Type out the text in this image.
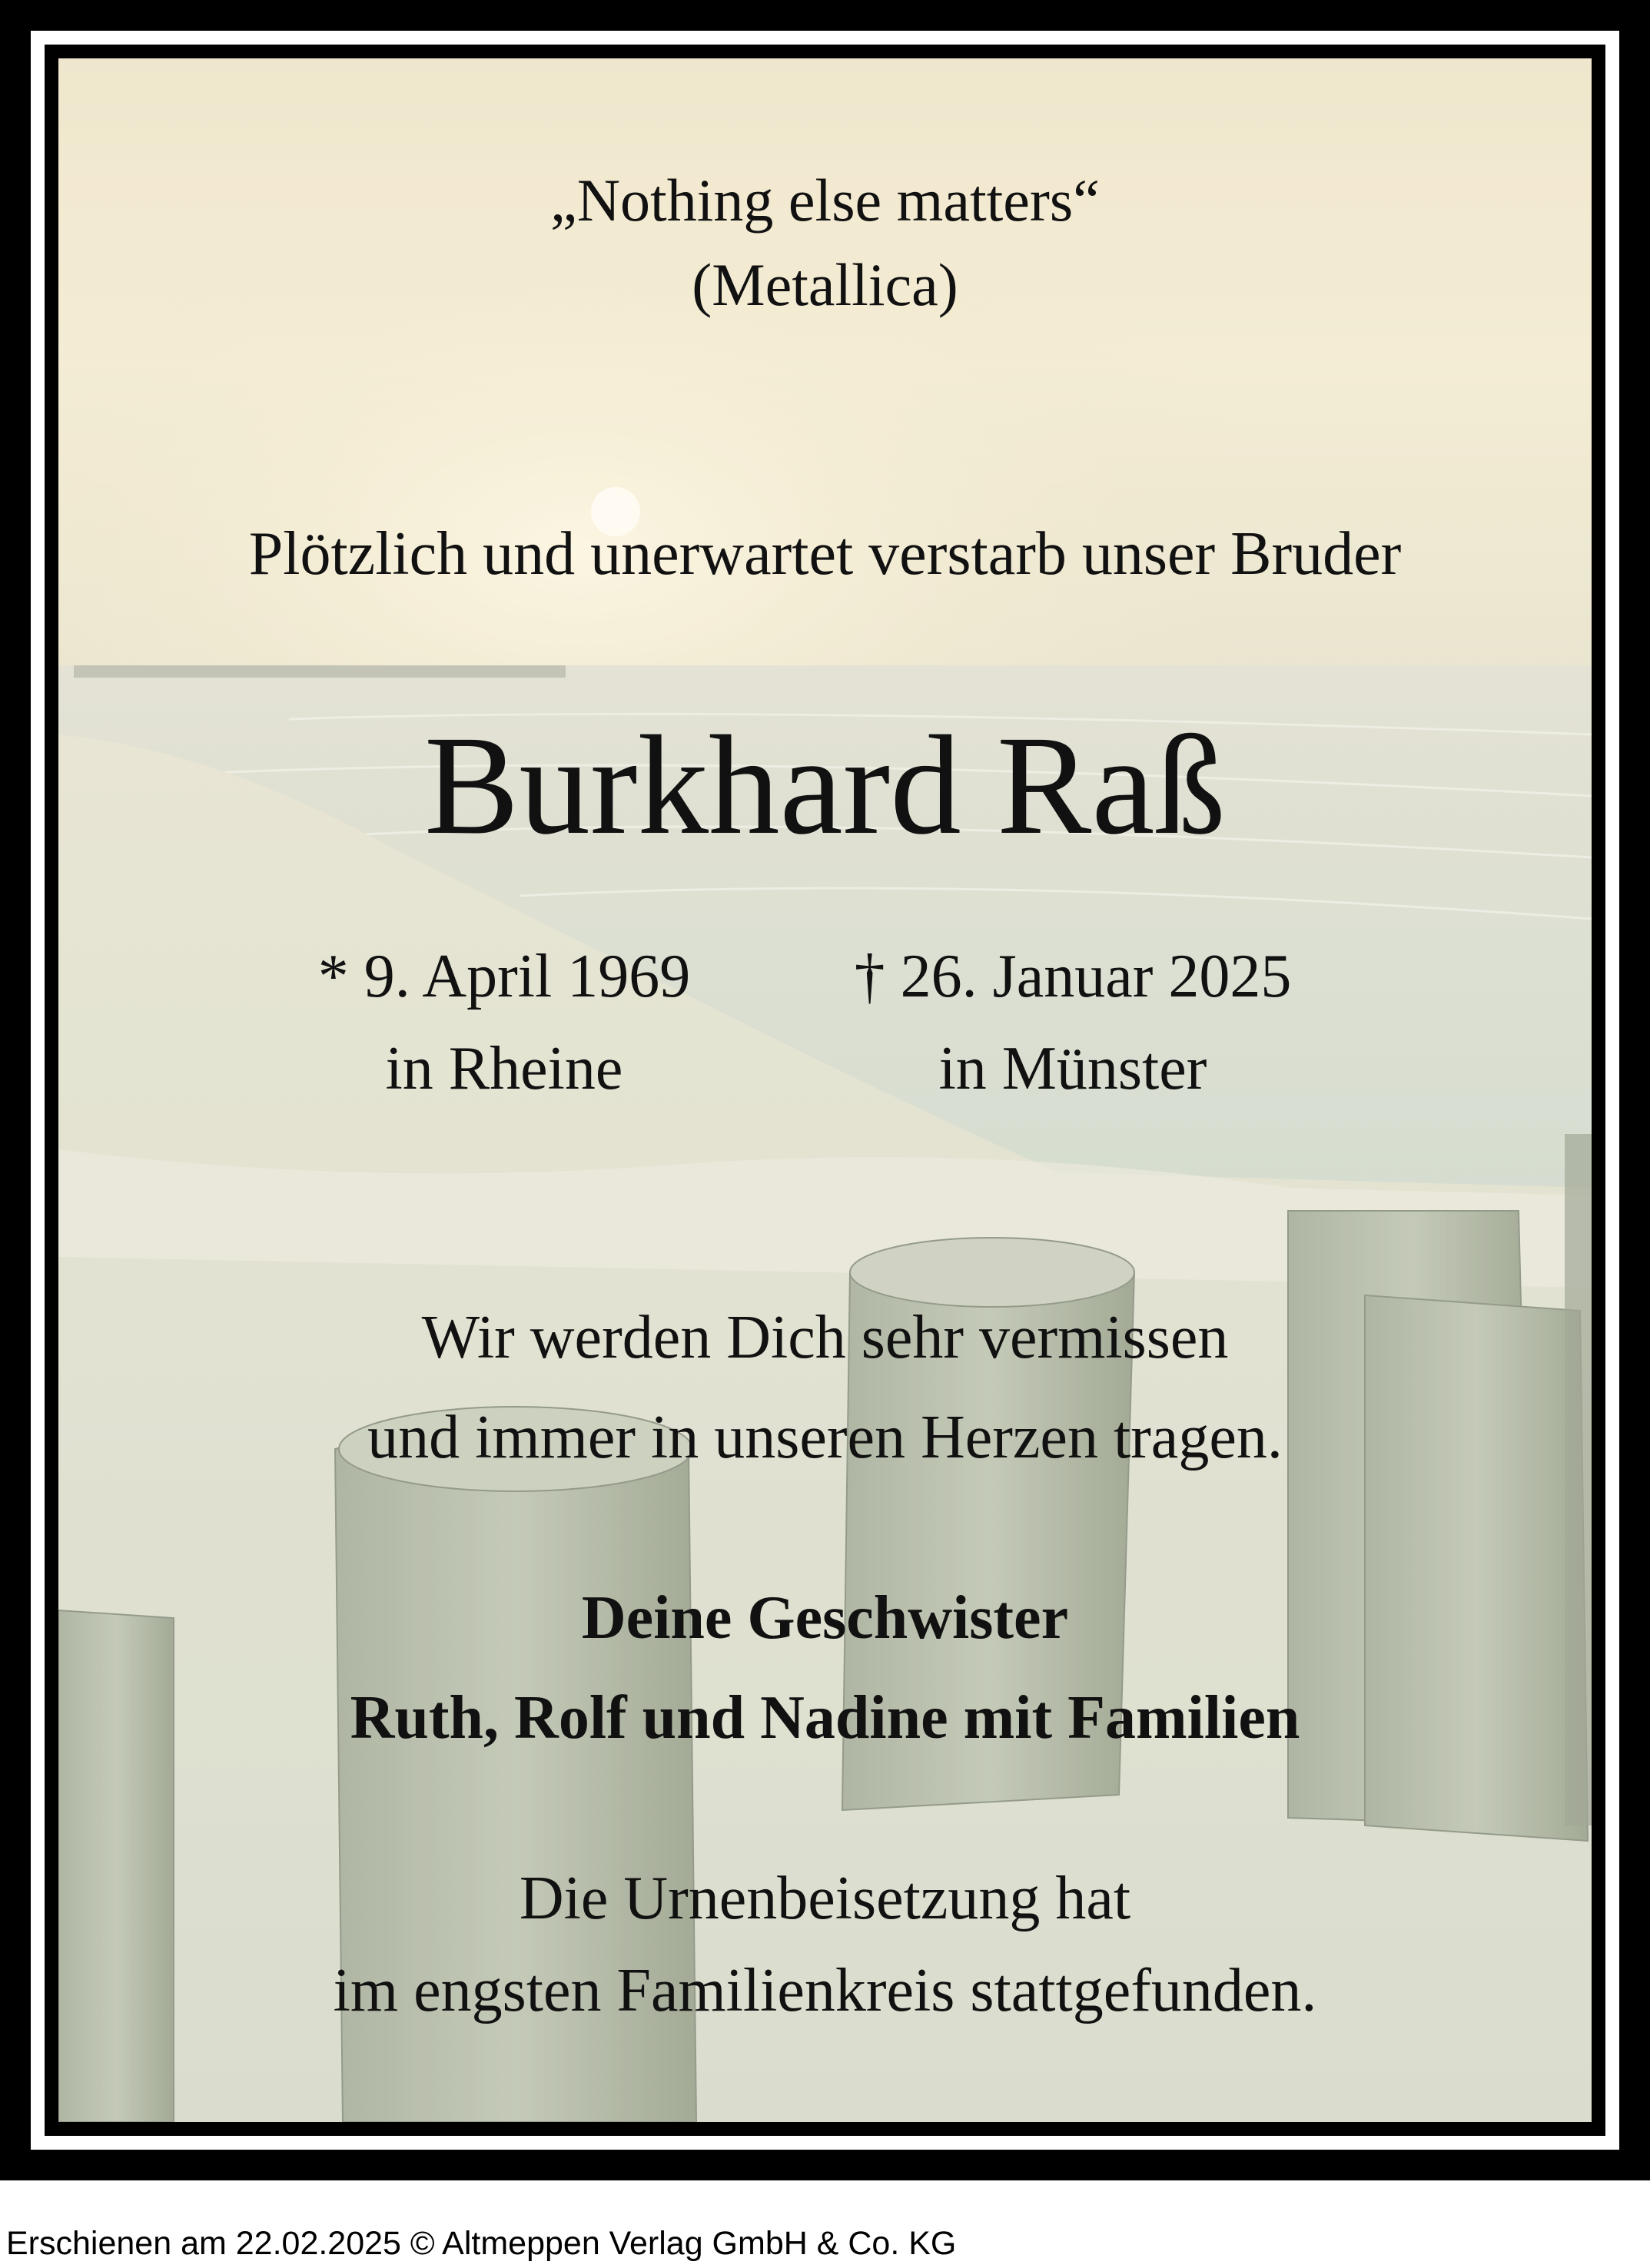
„Nothing else matters“
(Metallica)
Plötzlich und unerwartet verstarb unser Bruder
Burkhard Raß
* 9. April 1969
in Rheine
† 26. Januar 2025
in Münster
Wir werden Dich sehr vermissen
und immer in unseren Herzen tragen.
Deine Geschwister
Ruth, Rolf und Nadine mit Familien
Die Urnenbeisetzung hat
im engsten Familienkreis stattgefunden.
Erschienen am 22.02.2025 © Altmeppen Verlag GmbH & Co. KG
